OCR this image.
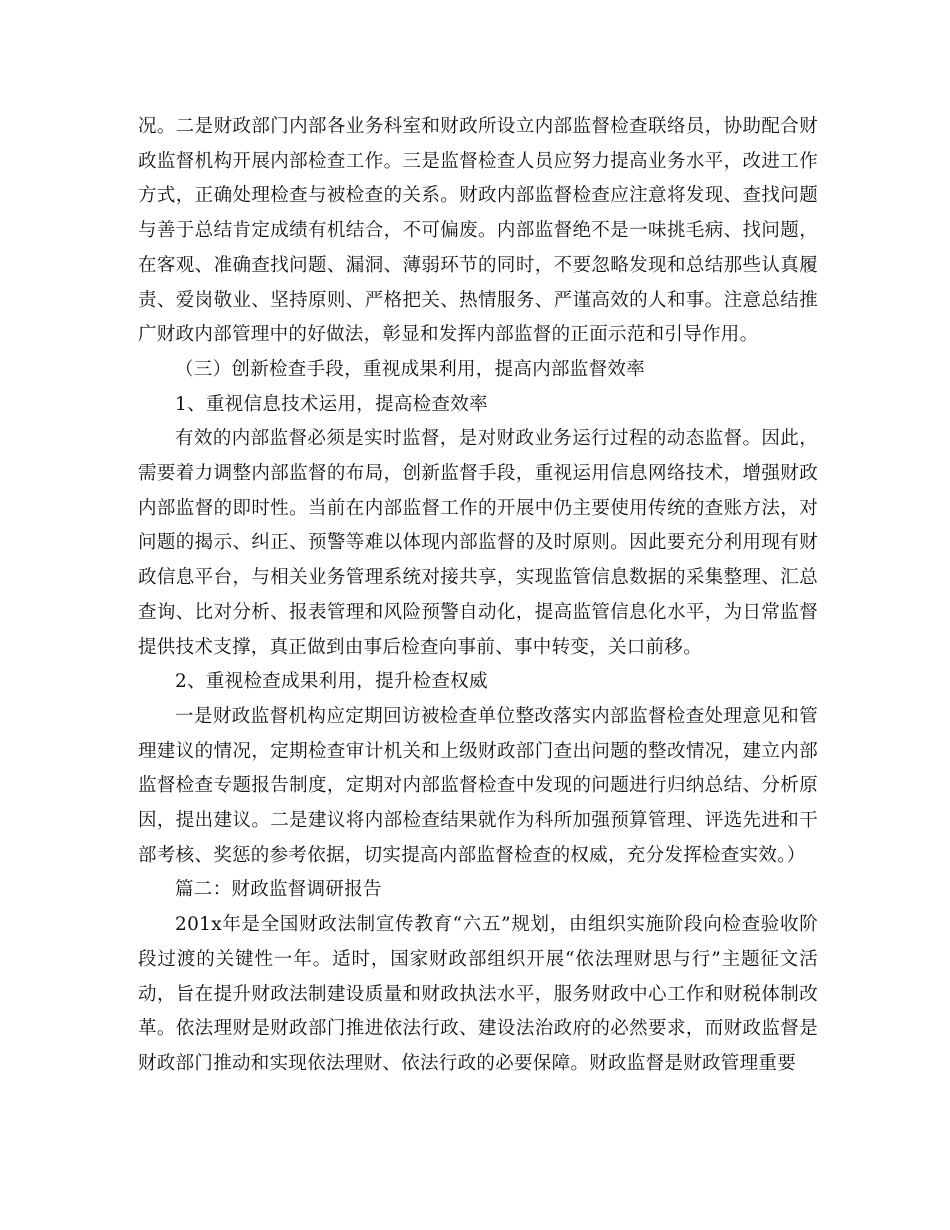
况。二是财政部门内部各业务科室和财政所设立内部监督检查联络员，协助配合财政监督机构开展内部检查工作。三是监督检查人员应努力提高业务水平，改进工作方式，正确处理检查与被检查的关系。财政内部监督检查应注意将发现、查找问题与善于总结肯定成绩有机结合，不可偏废。内部监督绝不是一味挑毛病、找问题，在客观、准确查找问题、漏洞、薄弱环节的同时，不要忽略发现和总结那些认真履责、爱岗敬业、坚持原则、严格把关、热情服务、严谨高效的人和事。注意总结推广财政内部管理中的好做法，彰显和发挥内部监督的正面示范和引导作用。

（三）创新检查手段，重视成果利用，提高内部监督效率

1、重视信息技术运用，提高检查效率

有效的内部监督必须是实时监督，是对财政业务运行过程的动态监督。因此，需要着力调整内部监督的布局，创新监督手段，重视运用信息网络技术，增强财政内部监督的即时性。当前在内部监督工作的开展中仍主要使用传统的查账方法，对问题的揭示、纠正、预警等难以体现内部监督的及时原则。因此要充分利用现有财政信息平台，与相关业务管理系统对接共享，实现监管信息数据的采集整理、汇总查询、比对分析、报表管理和风险预警自动化，提高监管信息化水平，为日常监督提供技术支撑，真正做到由事后检查向事前、事中转变，关口前移。

2、重视检查成果利用，提升检查权威

一是财政监督机构应定期回访被检查单位整改落实内部监督检查处理意见和管理建议的情况，定期检查审计机关和上级财政部门查出问题的整改情况，建立内部监督检查专题报告制度，定期对内部监督检查中发现的问题进行归纳总结、分析原因，提出建议。二是建议将内部检查结果就作为科所加强预算管理、评选先进和干部考核、奖惩的参考依据，切实提高内部监督检查的权威，充分发挥检查实效。）

篇二：财政监督调研报告

201x年是全国财政法制宣传教育“六五”规划，由组织实施阶段向检查验收阶段过渡的关键性一年。适时，国家财政部组织开展“依法理财思与行”主题征文活动，旨在提升财政法制建设质量和财政执法水平，服务财政中心工作和财税体制改革。依法理财是财政部门推进依法行政、建设法治政府的必然要求，而财政监督是财政部门推动和实现依法理财、依法行政的必要保障。财政监督是财政管理重要
